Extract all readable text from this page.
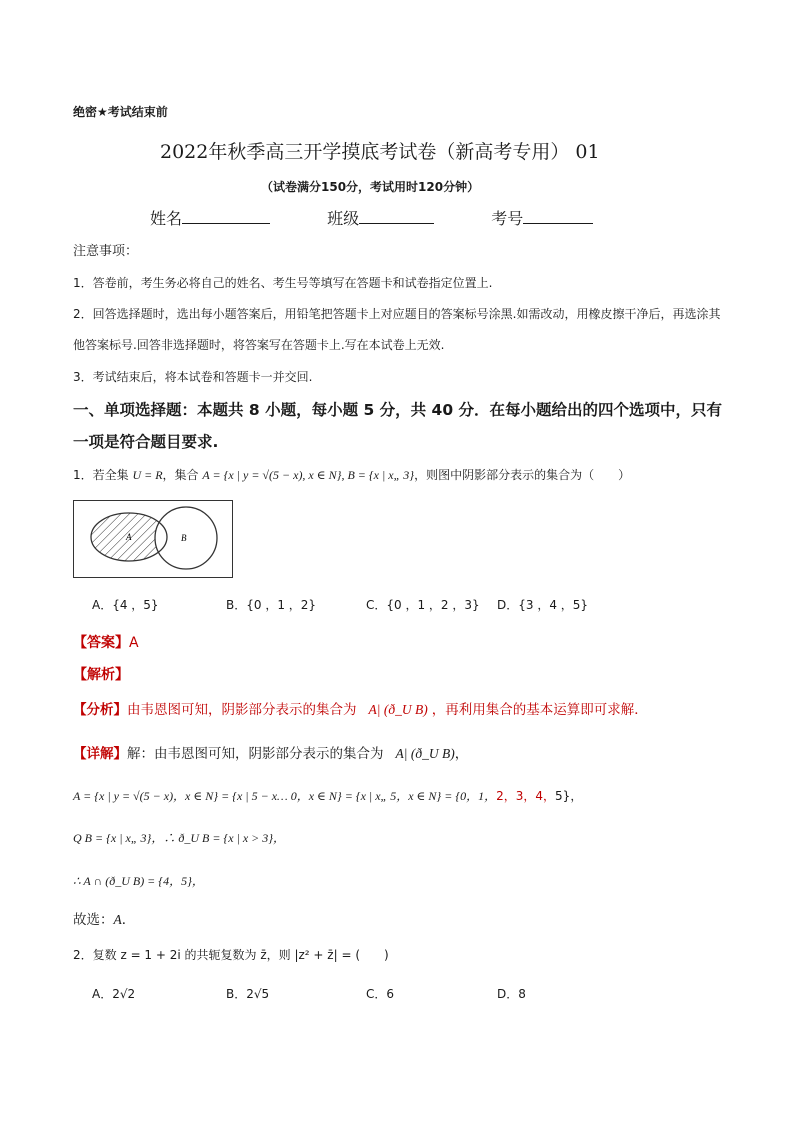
绝密★考试结束前
2022年秋季高三开学摸底考试卷（新高考专用） 01
（试卷满分150分，考试用时120分钟）
姓名	班级	考号
注意事项：
1．答卷前，考生务必将自己的姓名、考生号等填写在答题卡和试卷指定位置上.
2．回答选择题时，选出每小题答案后，用铅笔把答题卡上对应题目的答案标号涂黑.如需改动，用橡皮擦干净后，再选涂其
他答案标号.回答非选择题时，将答案写在答题卡上.写在本试卷上无效.
3．考试结束后，将本试卷和答题卡一并交回.
一、单项选择题：本题共 8 小题，每小题 5 分，共 40 分．在每小题给出的四个选项中，只有
一项是符合题目要求.
1．若全集 U = R，集合 A = {x | y = √(5 − x), x ∈ N}, B = {x | x„ 3}，则图中阴影部分表示的集合为（　　）
A	B
A．{4 ，5}	B．{0 ，1 ，2}	C．{0 ，1 ，2 ，3} D．{3 ，4 ，5}
【答案】A
【解析】
【分析】由韦恩图可知，阴影部分表示的集合为 A| (ð_U B) ，再利用集合的基本运算即可求解．
【详解】解：由韦恩图可知，阴影部分表示的集合为 A| (ð_U B)，
A = {x | y = √(5 − x)，x ∈ N} = {x | 5 − x… 0，x ∈ N} = {x | x„ 5，x ∈ N} = {0，1，2，3，4，5}，
Q B = {x | x„ 3}，∴ ð_U B = {x | x > 3}，
∴ A ∩ (ð_U B) = {4，5}，
故选：A．
2．复数 z = 1 + 2i 的共轭复数为 z̄，则 |z² + z̄| = (　　)
A．2√2	B．2√5	C．6	D．8
